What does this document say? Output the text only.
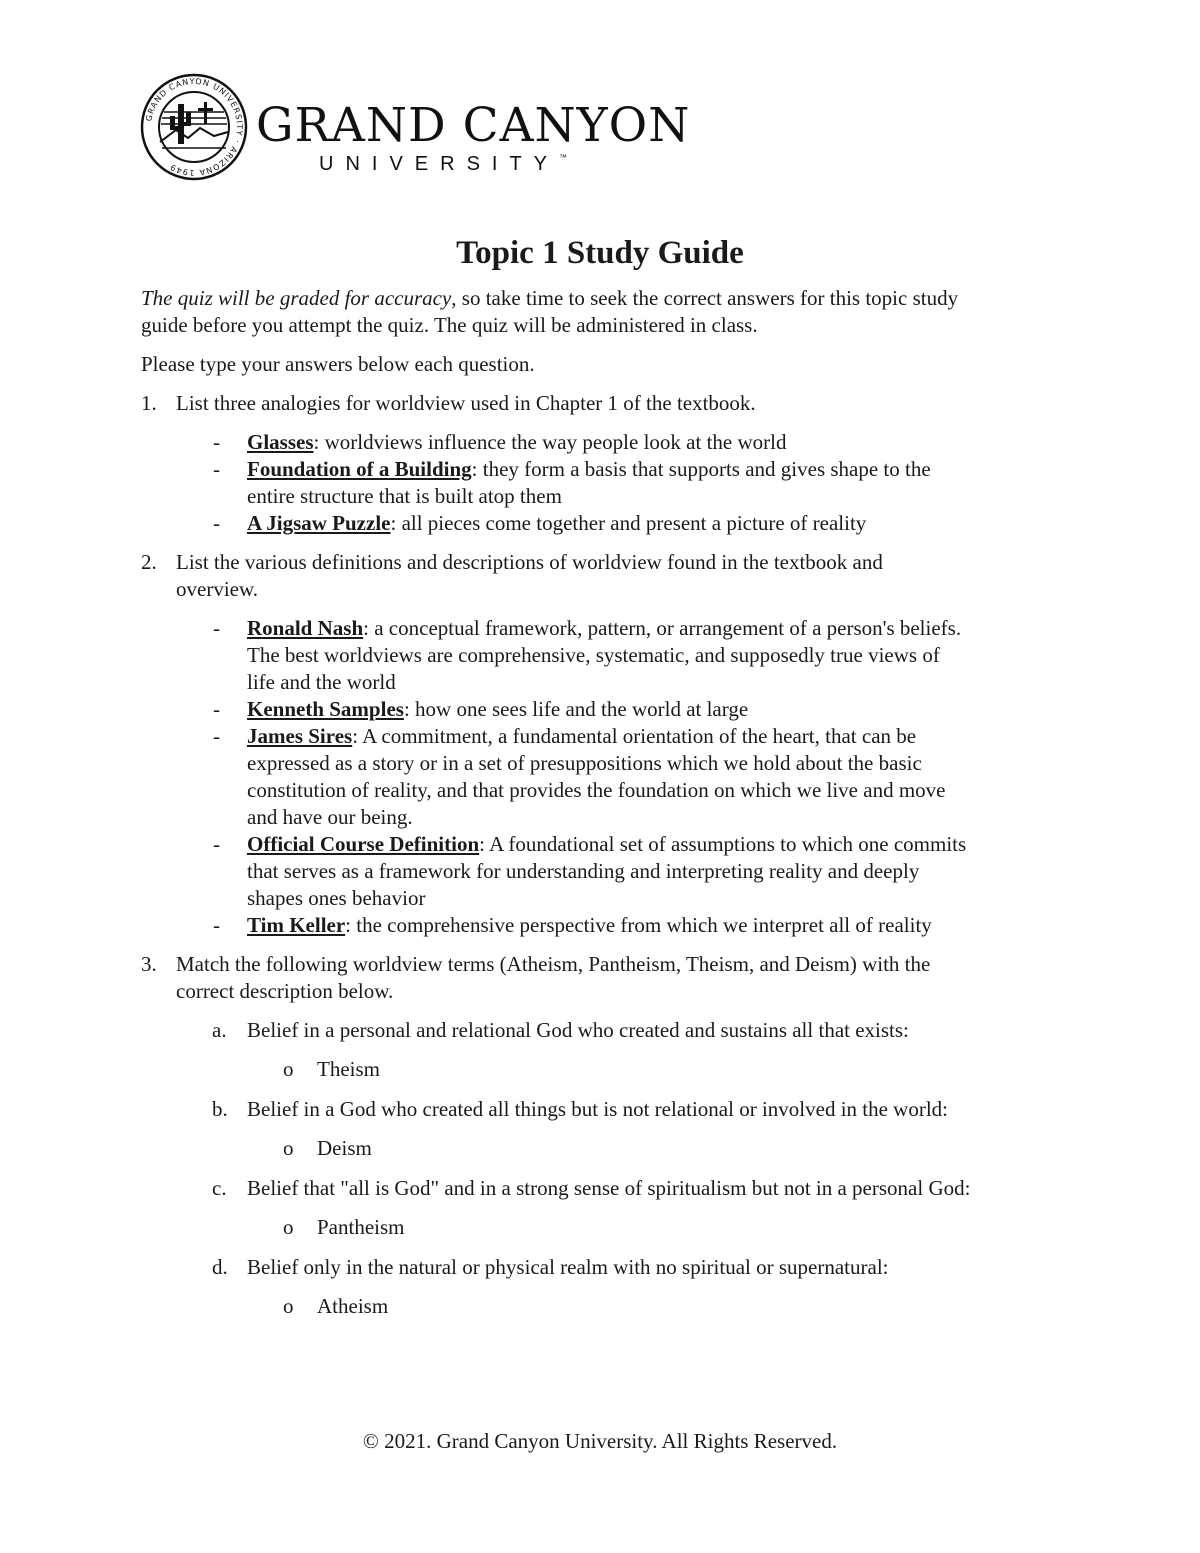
GRAND CANYON UNIVERSITY · ARIZONA 1949
GRAND CANYON
UNIVERSITY™
Topic 1 Study Guide

The quiz will be graded for accuracy, so take time to seek the correct answers for this topic study

guide before you attempt the quiz. The quiz will be administered in class.

Please type your answers below each question.

1. List three analogies for worldview used in Chapter 1 of the textbook.

- Glasses: worldviews influence the way people look at the world

- Foundation of a Building: they form a basis that supports and gives shape to the

entire structure that is built atop them

- A Jigsaw Puzzle: all pieces come together and present a picture of reality

2. List the various definitions and descriptions of worldview found in the textbook and

overview.

- Ronald Nash: a conceptual framework, pattern, or arrangement of a person's beliefs.

The best worldviews are comprehensive, systematic, and supposedly true views of

life and the world

- Kenneth Samples: how one sees life and the world at large

- James Sires: A commitment, a fundamental orientation of the heart, that can be

expressed as a story or in a set of presuppositions which we hold about the basic

constitution of reality, and that provides the foundation on which we live and move

and have our being.

- Official Course Definition: A foundational set of assumptions to which one commits

that serves as a framework for understanding and interpreting reality and deeply

shapes ones behavior

- Tim Keller: the comprehensive perspective from which we interpret all of reality

3. Match the following worldview terms (Atheism, Pantheism, Theism, and Deism) with the

correct description below.

a. Belief in a personal and relational God who created and sustains all that exists:

o Theism

b. Belief in a God who created all things but is not relational or involved in the world:

o Deism

c. Belief that "all is God" and in a strong sense of spiritualism but not in a personal God:

o Pantheism

d. Belief only in the natural or physical realm with no spiritual or supernatural:

o Atheism

© 2021. Grand Canyon University. All Rights Reserved.
